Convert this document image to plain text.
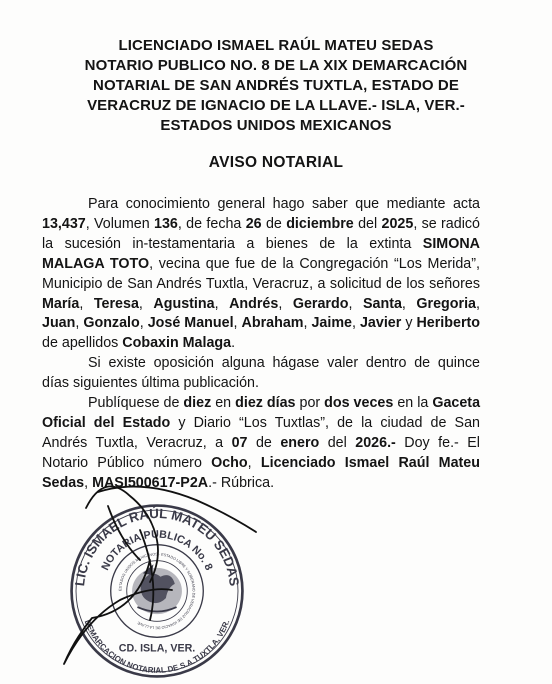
LICENCIADO ISMAEL RAÚL MATEU SEDAS
NOTARIO PUBLICO NO. 8 DE LA XIX DEMARCACIÓN
NOTARIAL DE SAN ANDRÉS TUXTLA, ESTADO DE
VERACRUZ DE IGNACIO DE LA LLAVE.- ISLA, VER.-
ESTADOS UNIDOS MEXICANOS
AVISO NOTARIAL

Para conocimiento general hago saber que mediante acta 13,437, Volumen 136, de fecha 26 de diciembre del 2025, se radicó la sucesión in-testamentaria a bienes de la extinta SIMONA MALAGA TOTO, vecina que fue de la Congregación “Los Merida”, Municipio de San Andrés Tuxtla, Veracruz, a solicitud de los señores María, Teresa, Agustina, Andrés, Gerardo, Santa, Gregoria, Juan, Gonzalo, José Manuel, Abraham, Jaime, Javier y Heriberto de apellidos Cobaxin Malaga.

Si existe oposición alguna hágase valer dentro de quince días siguientes última publicación.

Publíquese de diez en diez días por dos veces en la Gaceta Oficial del Estado y Diario “Los Tuxtlas”, de la ciudad de San Andrés Tuxtla, Veracruz, a 07 de enero del 2026.- Doy fe.- El Notario Público número Ocho, Licenciado Ismael Raúl Mateu Sedas, MASI500617-P2A.- Rúbrica.

LIC. ISMAEL RAÚL MATEU SEDAS
NOTARIA PUBLICA No. 8
DEMARCACION NOTARIAL DE S.A.TUXTLA, VER.
ESTADOS UNIDOS MEXICANOS · ESTADO LIBRE Y SOBERANO DE VERACRUZ DE IGNACIO DE LA LLAVE
CD. ISLA, VER.
